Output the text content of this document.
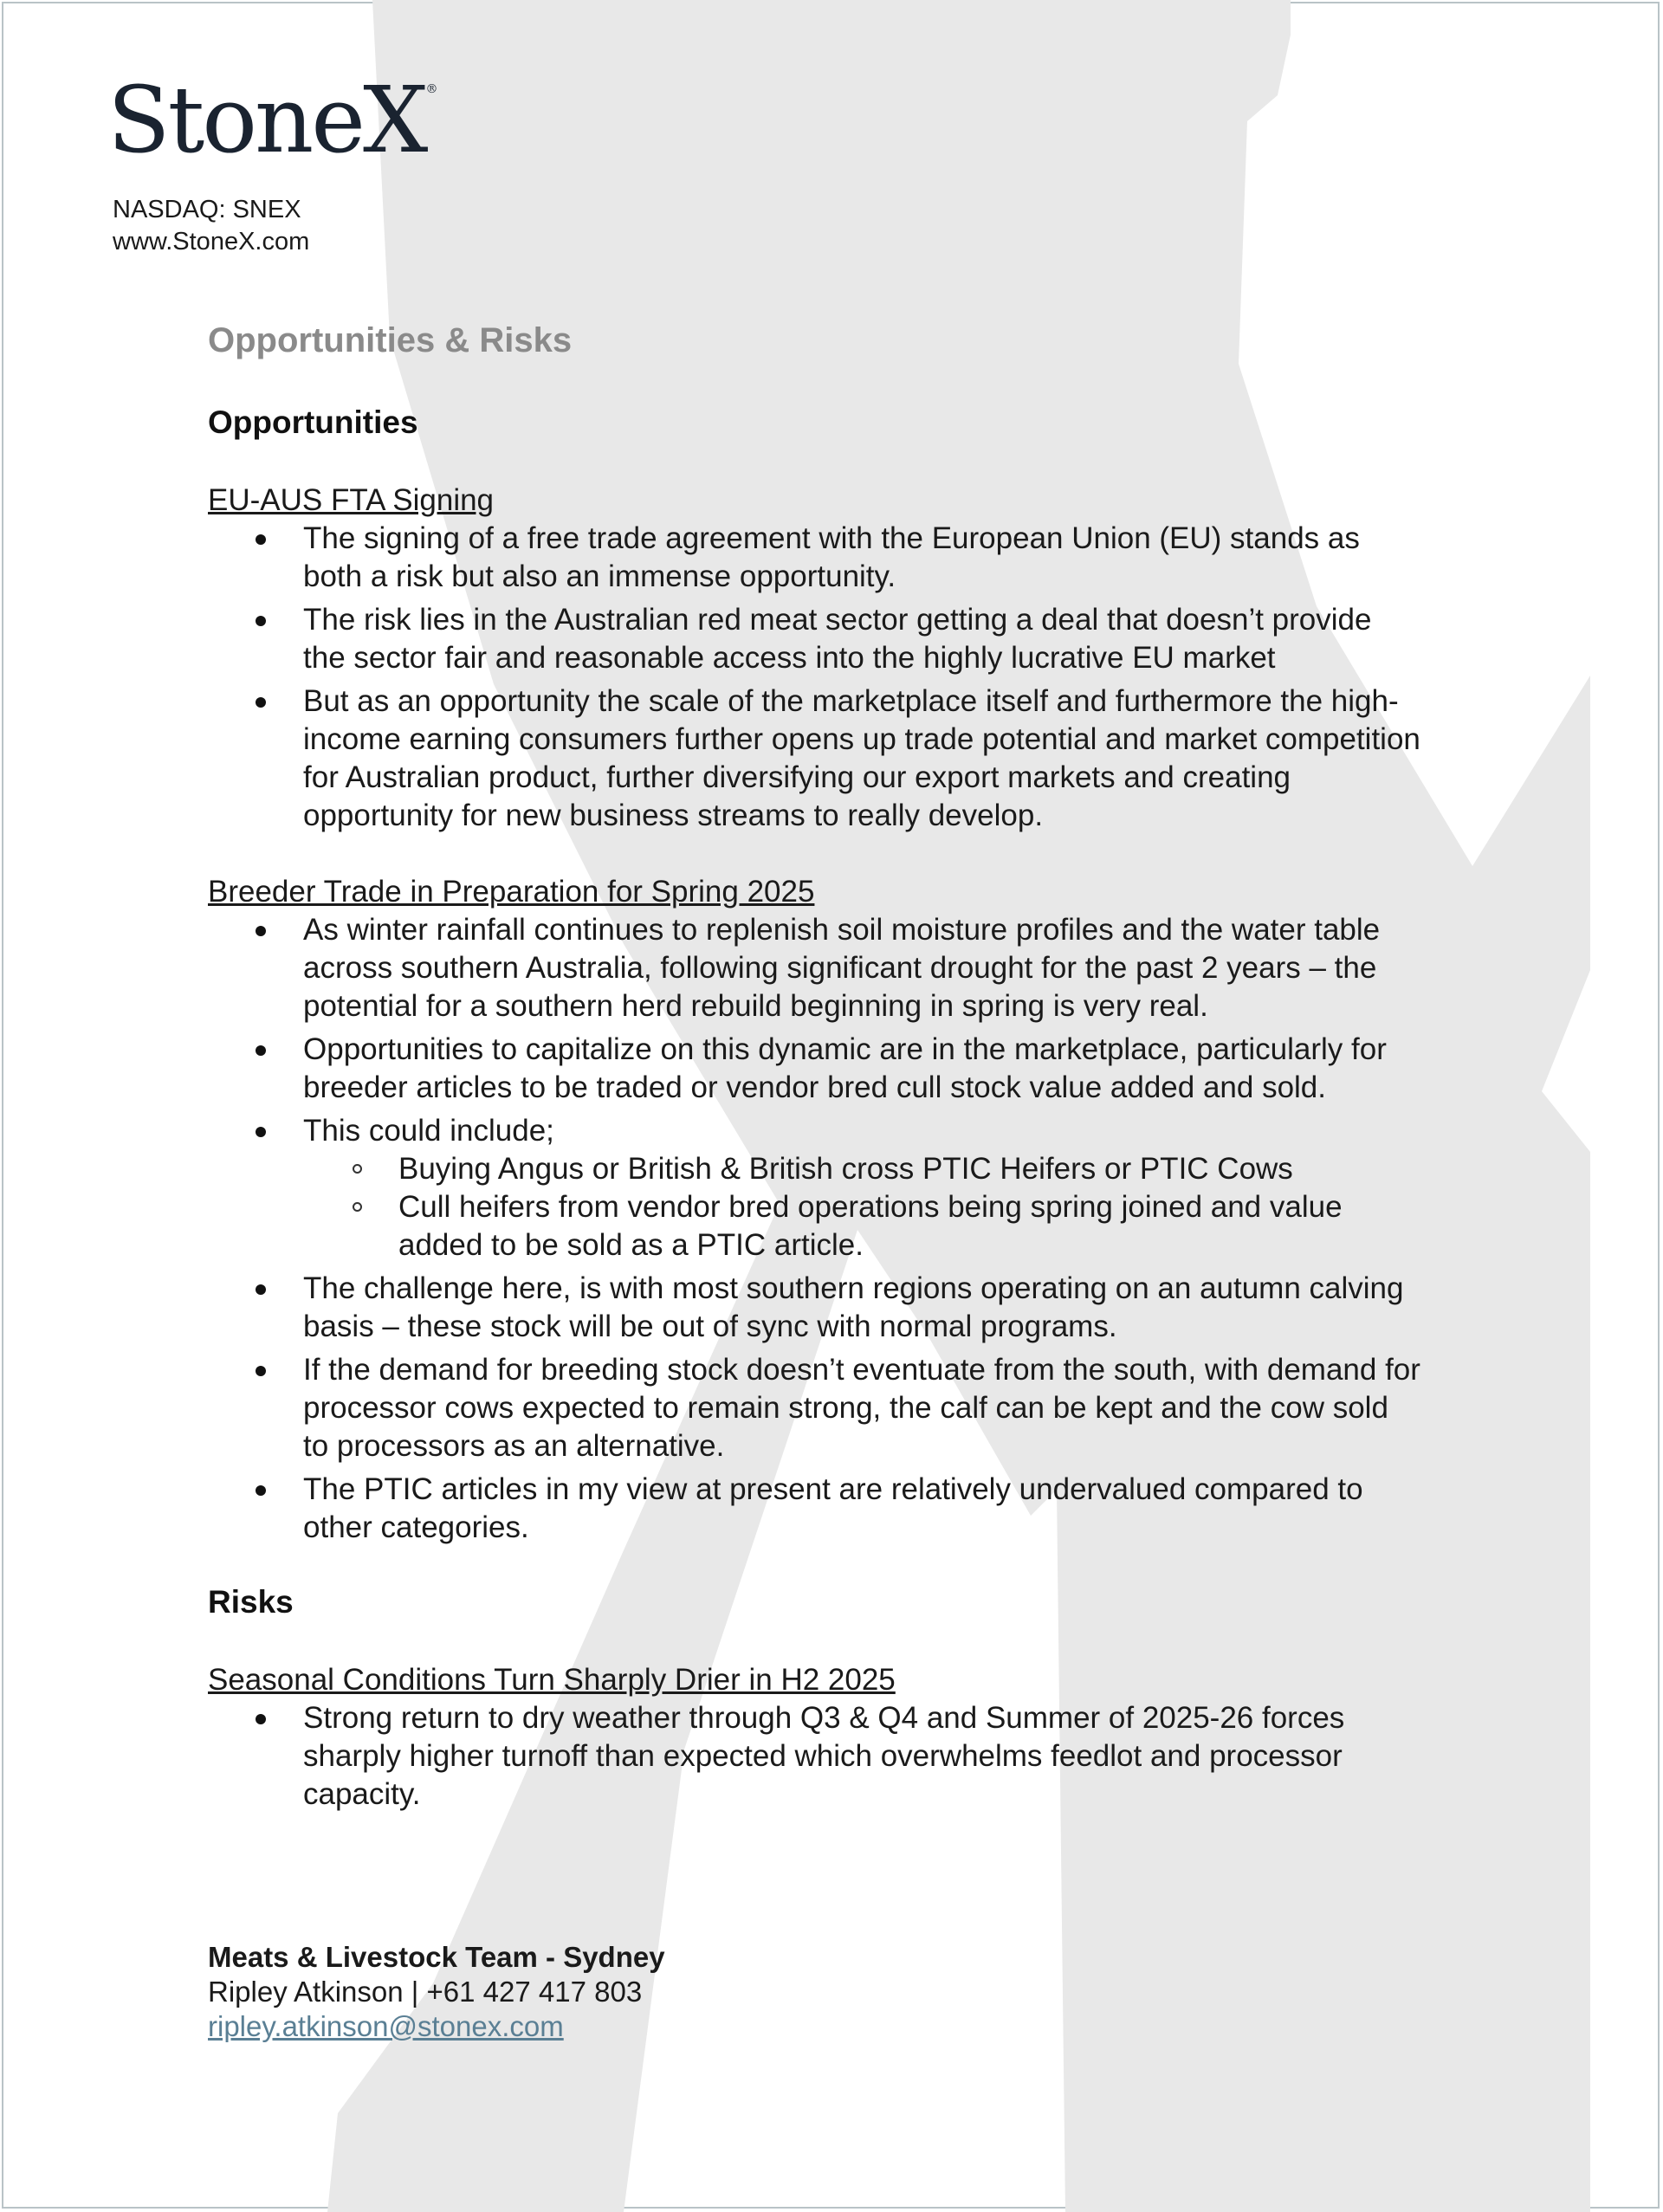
StoneX®
NASDAQ: SNEX
www.StoneX.com
Opportunities & Risks
Opportunities

EU-AUS FTA Signing

The signing of a free trade agreement with the European Union (EU) stands as both a risk but also an immense opportunity.
The risk lies in the Australian red meat sector getting a deal that doesn’t provide the sector fair and reasonable access into the highly lucrative EU market
But as an opportunity the scale of the marketplace itself and furthermore the high-income earning consumers further opens up trade potential and market competition for Australian product, further diversifying our export markets and creating opportunity for new business streams to really develop.

Breeder Trade in Preparation for Spring 2025

As winter rainfall continues to replenish soil moisture profiles and the water table across southern Australia, following significant drought for the past 2 years – the potential for a southern herd rebuild beginning in spring is very real.
Opportunities to capitalize on this dynamic are in the marketplace, particularly for breeder articles to be traded or vendor bred cull stock value added and sold.
This could include;
Buying Angus or British & British cross PTIC Heifers or PTIC Cows
Cull heifers from vendor bred operations being spring joined and value added to be sold as a PTIC article.
The challenge here, is with most southern regions operating on an autumn calving basis – these stock will be out of sync with normal programs.
If the demand for breeding stock doesn’t eventuate from the south, with demand for processor cows expected to remain strong, the calf can be kept and the cow sold to processors as an alternative.
The PTIC articles in my view at present are relatively undervalued compared to other categories.
Risks

Seasonal Conditions Turn Sharply Drier in H2 2025

Strong return to dry weather through Q3 & Q4 and Summer of 2025-26 forces sharply higher turnoff than expected which overwhelms feedlot and processor capacity.

Meats & Livestock Team - Sydney

Ripley Atkinson | +61 427 417 803

ripley.atkinson@stonex.com
